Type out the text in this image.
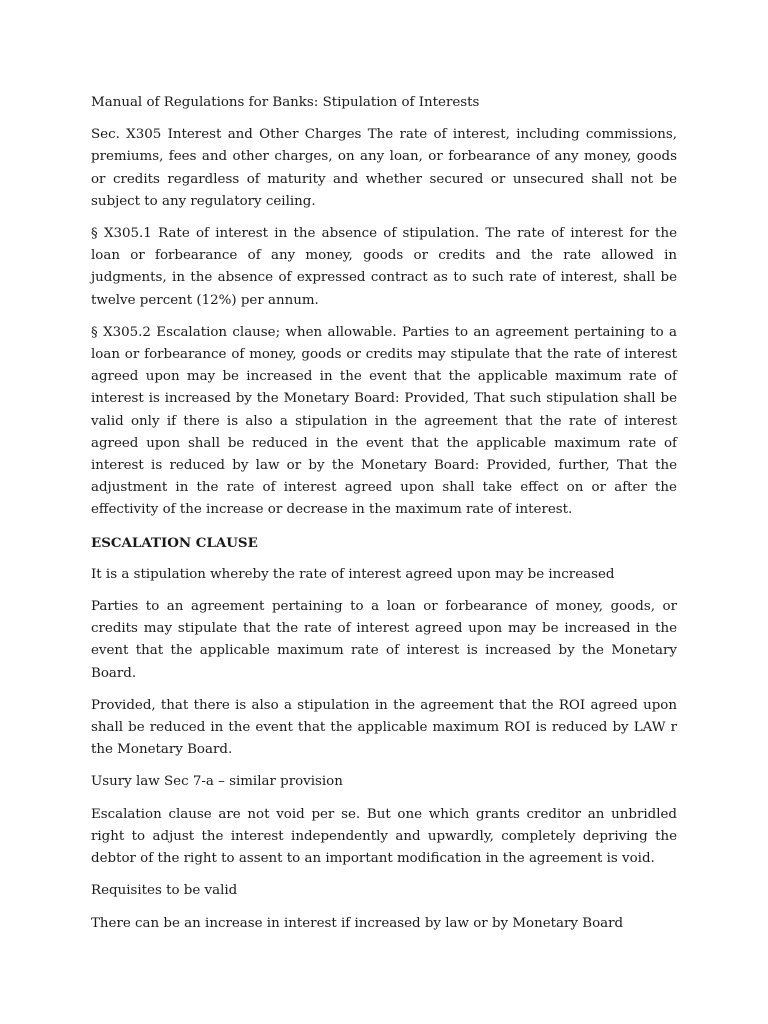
Manual of Regulations for Banks: Stipulation of Interests

Sec. X305 Interest and Other Charges The rate of interest, including commissions, premiums, fees and other charges, on any loan, or forbearance of any money, goods or credits regardless of maturity and whether secured or unsecured shall not be subject to any regulatory ceiling.

§ X305.1 Rate of interest in the absence of stipulation. The rate of interest for the loan or forbearance of any money, goods or credits and the rate allowed in judgments, in the absence of expressed contract as to such rate of interest, shall be twelve percent (12%) per annum.

§ X305.2 Escalation clause; when allowable. Parties to an agreement pertaining to a loan or forbearance of money, goods or credits may stipulate that the rate of interest agreed upon may be increased in the event that the applicable maximum rate of interest is increased by the Monetary Board: Provided, That such stipulation shall be valid only if there is also a stipulation in the agreement that the rate of interest agreed upon shall be reduced in the event that the applicable maximum rate of interest is reduced by law or by the Monetary Board: Provided, further, That the adjustment in the rate of interest agreed upon shall take effect on or after the effectivity of the increase or decrease in the maximum rate of interest.

ESCALATION CLAUSE

It is a stipulation whereby the rate of interest agreed upon may be increased

Parties to an agreement pertaining to a loan or forbearance of money, goods, or credits may stipulate that the rate of interest agreed upon may be increased in the event that the applicable maximum rate of interest is increased by the Monetary Board.

Provided, that there is also a stipulation in the agreement that the ROI agreed upon shall be reduced in the event that the applicable maximum ROI is reduced by LAW r the Monetary Board.

Usury law Sec 7-a – similar provision

Escalation clause are not void per se. But one which grants creditor an unbridled right to adjust the interest independently and upwardly, completely depriving the debtor of the right to assent to an important modification in the agreement is void.

Requisites to be valid

There can be an increase in interest if increased by law or by Monetary Board
